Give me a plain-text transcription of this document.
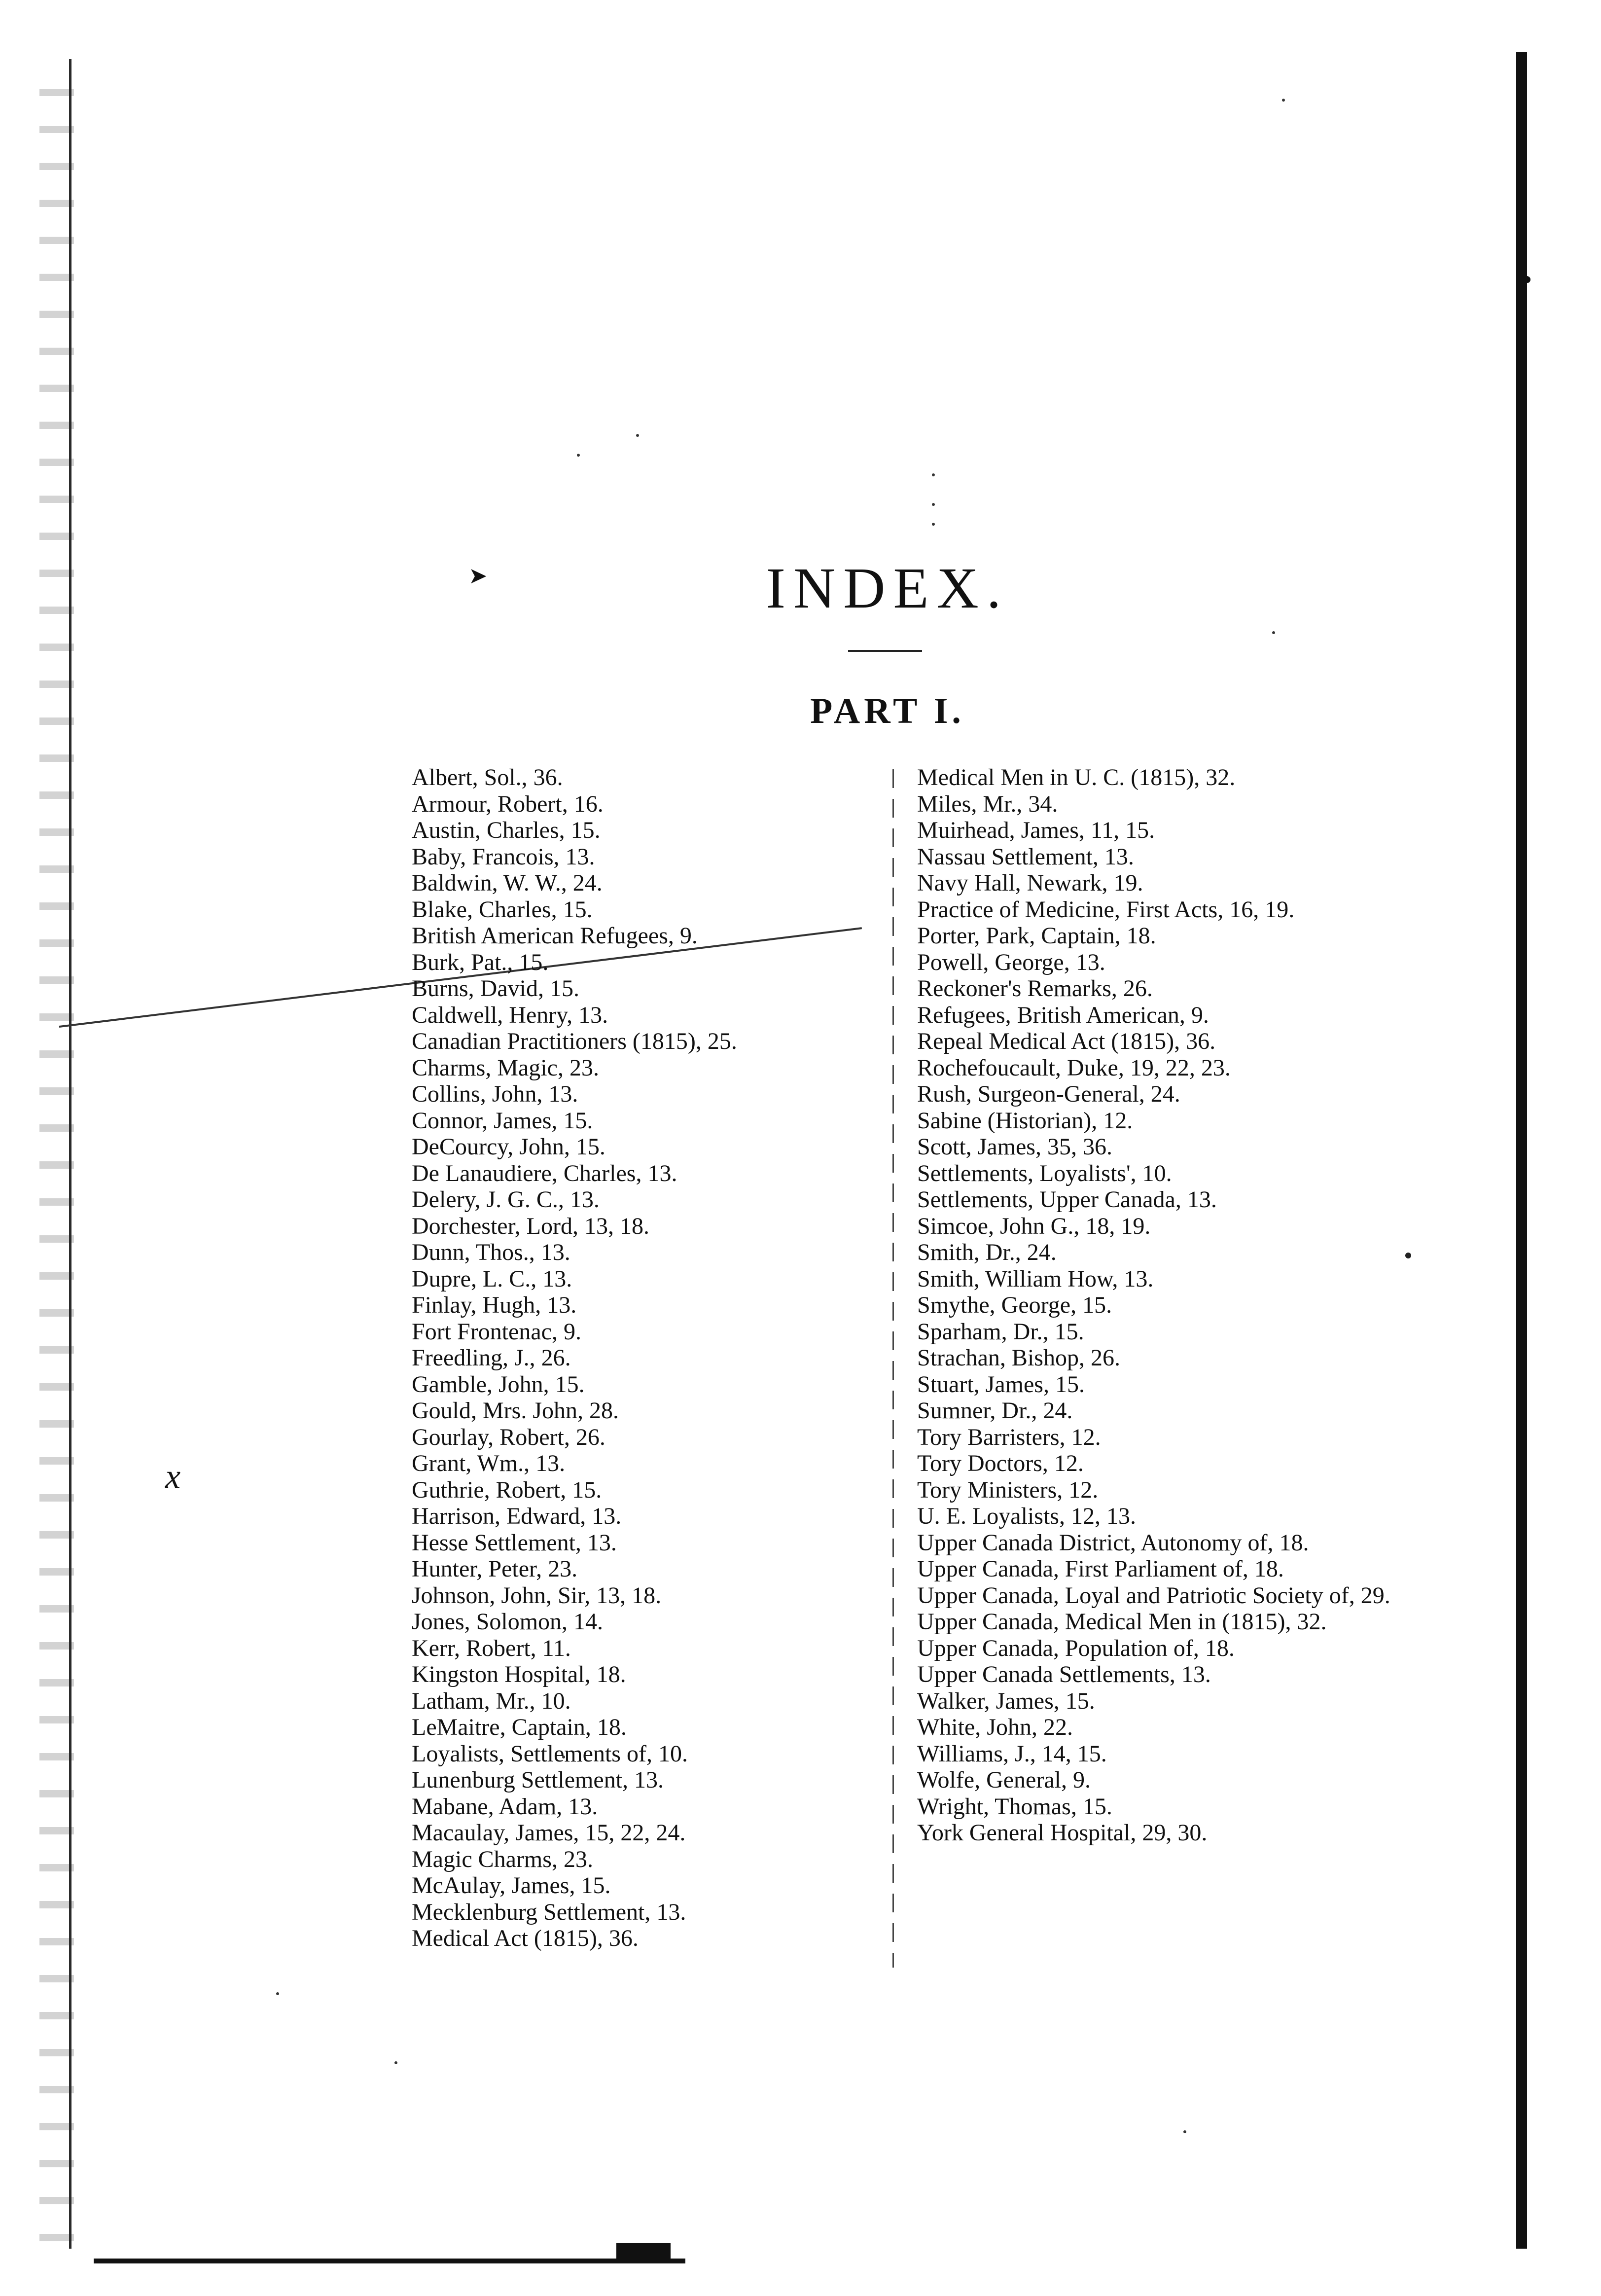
➤
x
INDEX.
PART I.
Albert, Sol., 36.
Armour, Robert, 16.
Austin, Charles, 15.
Baby, Francois, 13.
Baldwin, W. W., 24.
Blake, Charles, 15.
British American Refugees, 9.
Burk, Pat., 15.
Burns, David, 15.
Caldwell, Henry, 13.
Canadian Practitioners (1815), 25.
Charms, Magic, 23.
Collins, John, 13.
Connor, James, 15.
DeCourcy, John, 15.
De Lanaudiere, Charles, 13.
Delery, J. G. C., 13.
Dorchester, Lord, 13, 18.
Dunn, Thos., 13.
Dupre, L. C., 13.
Finlay, Hugh, 13.
Fort Frontenac, 9.
Freedling, J., 26.
Gamble, John, 15.
Gould, Mrs. John, 28.
Gourlay, Robert, 26.
Grant, Wm., 13.
Guthrie, Robert, 15.
Harrison, Edward, 13.
Hesse Settlement, 13.
Hunter, Peter, 23.
Johnson, John, Sir, 13, 18.
Jones, Solomon, 14.
Kerr, Robert, 11.
Kingston Hospital, 18.
Latham, Mr., 10.
LeMaitre, Captain, 18.
Loyalists, Settlements of, 10.
Lunenburg Settlement, 13.
Mabane, Adam, 13.
Macaulay, James, 15, 22, 24.
Magic Charms, 23.
McAulay, James, 15.
Mecklenburg Settlement, 13.
Medical Act (1815), 36.
Medical Men in U. C. (1815), 32.
Miles, Mr., 34.
Muirhead, James, 11, 15.
Nassau Settlement, 13.
Navy Hall, Newark, 19.
Practice of Medicine, First Acts, 16, 19.
Porter, Park, Captain, 18.
Powell, George, 13.
Reckoner's Remarks, 26.
Refugees, British American, 9.
Repeal Medical Act (1815), 36.
Rochefoucault, Duke, 19, 22, 23.
Rush, Surgeon-General, 24.
Sabine (Historian), 12.
Scott, James, 35, 36.
Settlements, Loyalists', 10.
Settlements, Upper Canada, 13.
Simcoe, John G., 18, 19.
Smith, Dr., 24.
Smith, William How, 13.
Smythe, George, 15.
Sparham, Dr., 15.
Strachan, Bishop, 26.
Stuart, James, 15.
Sumner, Dr., 24.
Tory Barristers, 12.
Tory Doctors, 12.
Tory Ministers, 12.
U. E. Loyalists, 12, 13.
Upper Canada District, Autonomy of, 18.
Upper Canada, First Parliament of, 18.
Upper Canada, Loyal and Patriotic Society of, 29.
Upper Canada, Medical Men in (1815), 32.
Upper Canada, Population of, 18.
Upper Canada Settlements, 13.
Walker, James, 15.
White, John, 22.
Williams, J., 14, 15.
Wolfe, General, 9.
Wright, Thomas, 15.
York General Hospital, 29, 30.
